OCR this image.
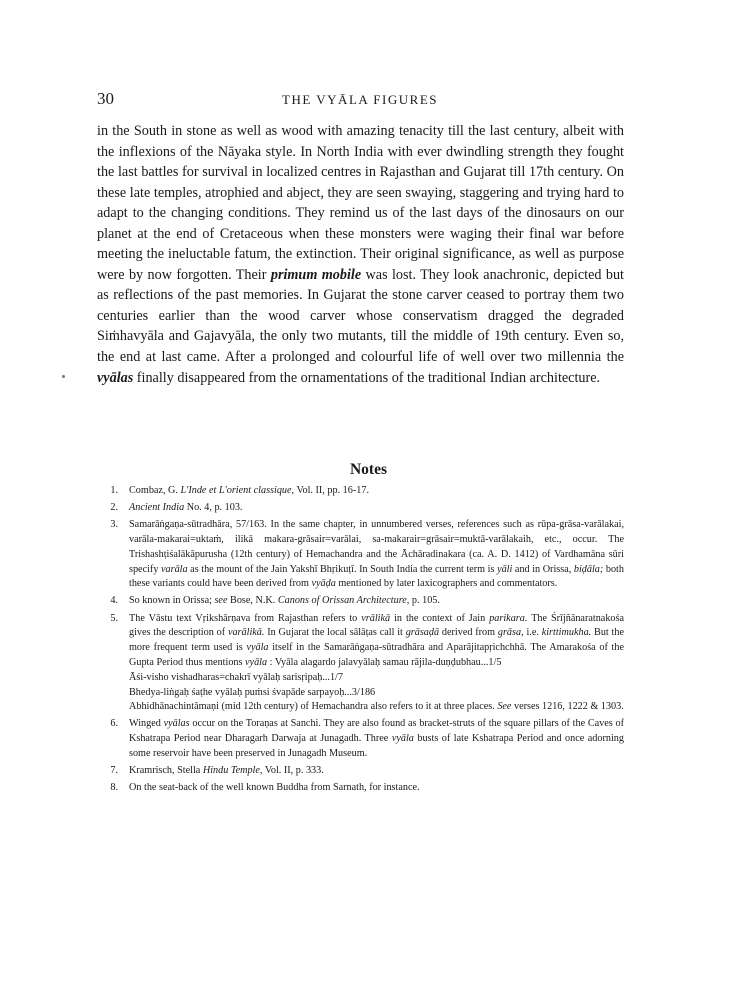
30	THE VYĀLA FIGURES
in the South in stone as well as wood with amazing tenacity till the last century, albeit with the inflexions of the Nāyaka style. In North India with ever dwindling strength they fought the last battles for survival in localized centres in Rajasthan and Gujarat till 17th century. On these late temples, atrophied and abject, they are seen swaying, staggering and trying hard to adapt to the changing conditions. They remind us of the last days of the dinosaurs on our planet at the end of Cretaceous when these monsters were waging their final war before meeting the ineluctable fatum, the extinction. Their original significance, as well as purpose were by now forgotten. Their primum mobile was lost. They look anachronic, depicted but as reflections of the past memories. In Gujarat the stone carver ceased to portray them two centuries earlier than the wood carver whose conservatism dragged the degraded Siṁhavyāla and Gajavyāla, the only two mutants, till the middle of 19th century. Even so, the end at last came. After a prolonged and colourful life of well over two millennia the vyālas finally disappeared from the ornamentations of the traditional Indian architecture.
Notes
1. Combaz, G. L'Inde et L'orient classique, Vol. II, pp. 16-17.
2. Ancient India No. 4, p. 103.
3. Samarāṅgaṇa-sūtradhāra, 57/163. In the same chapter, in unnumbered verses, references such as rūpa-grāsa-varālakai, varāla-makarai=uktaṁ, ilikā makara-grāsair=varālai, sa-makarair=grāsair=muktā-varālakaih, etc., occur. The Trishashṭiśalākāpurusha (12th century) of Hemachandra and the Āchāradinakara (ca. A. D. 1412) of Vardhamāna sūri specify varāla as the mount of the Jain Yakshī Bhṛikuṭī. In South India the current term is yāli and in Orissa, biḍāla; both these variants could have been derived from vyāḍa mentioned by later laxicographers and commentators.
4. So known in Orissa; see Bose, N.K. Canons of Orissan Architecture, p. 105.
5. The Vāstu text Vṛikshārṇava from Rajasthan refers to vrālikā in the context of Jain parikara. The Śrījñānaratnakośa gives the description of varālikā. In Gujarat the local sālāṭas call it grāsaḍā derived from grāsa, i.e. kirttimukha. But the more frequent term used is vyāla itself in the Samarāṅgaṇa-sūtradhāra and Aparājitapṛichchhā. The Amarakośa of the Gupta Period thus mentions vyāla : Vyāla alagardo jalavyālaḥ samau rājila-duṇḍubhau...1/5
Āśi-visho vishadharas=chakrī vyālaḥ sarisṛipaḥ...1/7
Bhedya-liṅgaḥ śaṭhe vyālaḥ puṁsi śvapāde sarpayoḥ...3/186
Abhidhānachintāmaṇi (mid 12th century) of Hemachandra also refers to it at three places. See verses 1216, 1222 & 1303.
6. Winged vyālas occur on the Toraṇas at Sanchi. They are also found as bracket-struts of the square pillars of the Caves of Kshatrapa Period near Dharagarh Darwaja at Junagadh. Three vyāla busts of late Kshatrapa Period and once adorning some reservoir have been preserved in Junagadh Museum.
7. Kramrisch, Stella Hindu Temple, Vol. II, p. 333.
8. On the seat-back of the well known Buddha from Sarnath, for instance.
